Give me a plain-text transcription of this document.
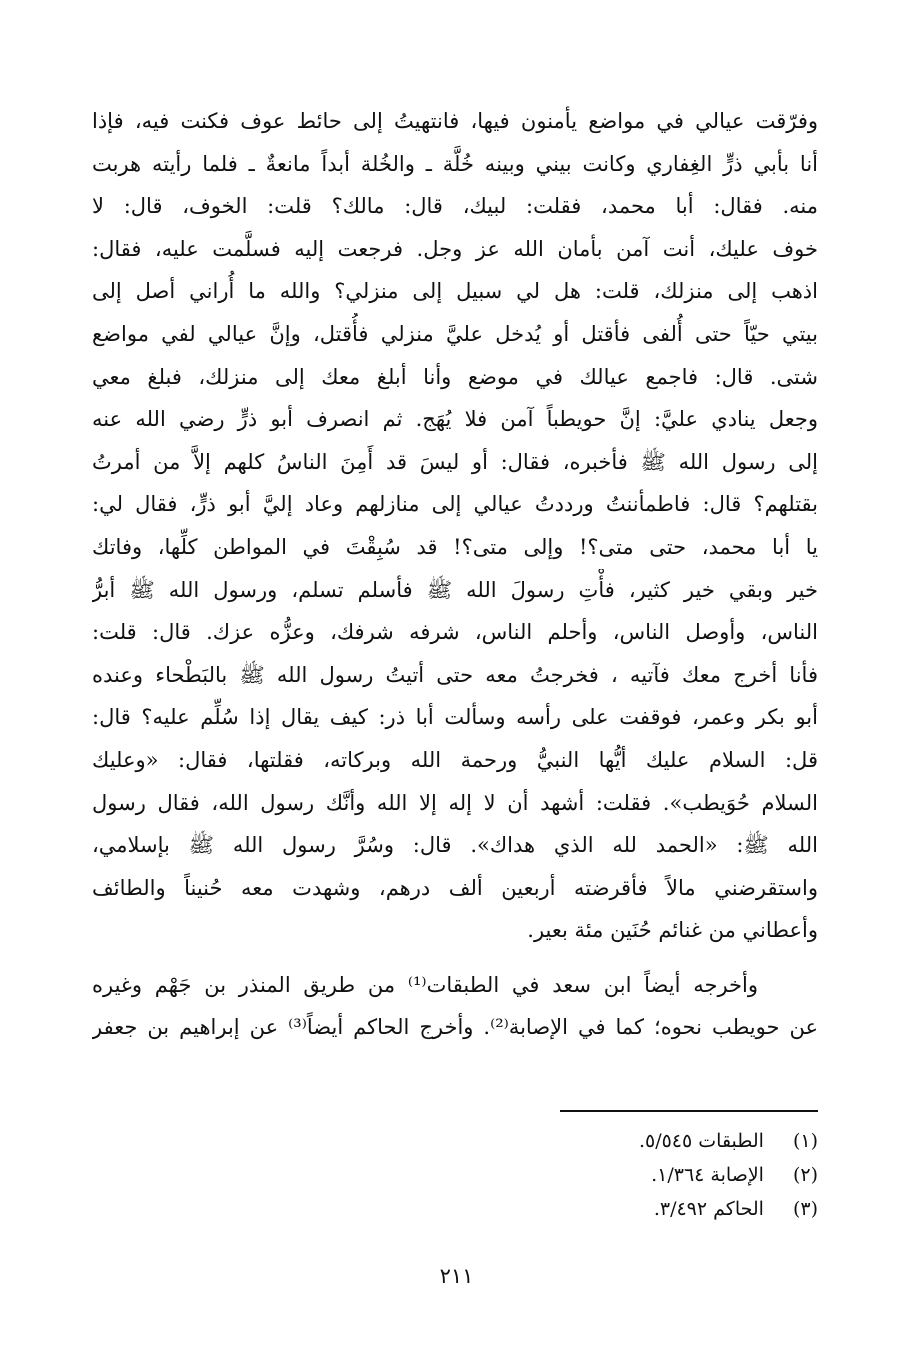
وفرّقت عيالي في مواضع يأمنون فيها، فانتهيتُ إلى حائط عوف فكنت فيه، فإذا
أنا بأبي ذرٍّ الغِفاري وكانت بيني وبينه خُلَّة ـ والخُلة أبداً مانعةٌ ـ فلما رأيته هربت
منه. فقال: أبا محمد، فقلت: لبيك، قال: مالك؟ قلت: الخوف، قال: لا
خوف عليك، أنت آمن بأمان الله عز وجل. فرجعت إليه فسلَّمت عليه، فقال:
اذهب إلى منزلك، قلت: هل لي سبيل إلى منزلي؟ والله ما أُراني أصل إلى
بيتي حيّاً حتى أُلفى فأقتل أو يُدخل عليَّ منزلي فأُقتل، وإنَّ عيالي لفي مواضع
شتى. قال: فاجمع عيالك في موضع وأنا أبلغ معك إلى منزلك، فبلغ معي
وجعل ينادي عليَّ: إنَّ حويطباً آمن فلا يُهَج. ثم انصرف أبو ذرٍّ رضي الله عنه
إلى رسول الله ﷺ فأخبره، فقال: أو ليسَ قد أَمِنَ الناسُ كلهم إلاَّ من أمرتُ
بقتلهم؟ قال: فاطمأننتُ ورددتُ عيالي إلى منازلهم وعاد إليَّ أبو ذرٍّ، فقال لي:
يا أبا محمد، حتى متى؟! وإلى متى؟! قد سُبِقْتَ في المواطن كلِّها، وفاتك
خير وبقي خير كثير، فأْتِ رسولَ الله ﷺ فأسلم تسلم، ورسول الله ﷺ أبرُّ
الناس، وأوصل الناس، وأحلم الناس، شرفه شرفك، وعزُّه عزك. قال: قلت:
فأنا أخرج معك فآتيه ، فخرجتُ معه حتى أتيتُ رسول الله ﷺ بالبَطْحاء وعنده
أبو بكر وعمر، فوقفت على رأسه وسألت أبا ذر: كيف يقال إذا سُلِّم عليه؟ قال:
قل: السلام عليك أيُّها النبيُّ ورحمة الله وبركاته، فقلتها، فقال: «وعليك
السلام حُوَيطب». فقلت: أشهد أن لا إله إلا الله وأنَّك رسول الله، فقال رسول
الله ﷺ: «الحمد لله الذي هداك». قال: وسُرَّ رسول الله ﷺ بإسلامي،
واستقرضني مالاً فأقرضته أربعين ألف درهم، وشهدت معه حُنيناً والطائف
وأعطاني من غنائم حُنَين مئة بعير.
وأخرجه أيضاً ابن سعد في الطبقات⁽¹⁾ من طريق المنذر بن جَهْم وغيره
عن حويطب نحوه؛ كما في الإصابة⁽²⁾. وأخرج الحاكم أيضاً⁽³⁾ عن إبراهيم بن جعفر
(١) الطبقات ٥/٥٤٥.
(٢) الإصابة ١/٣٦٤.
(٣) الحاكم ٣/٤٩٢.
٢١١
